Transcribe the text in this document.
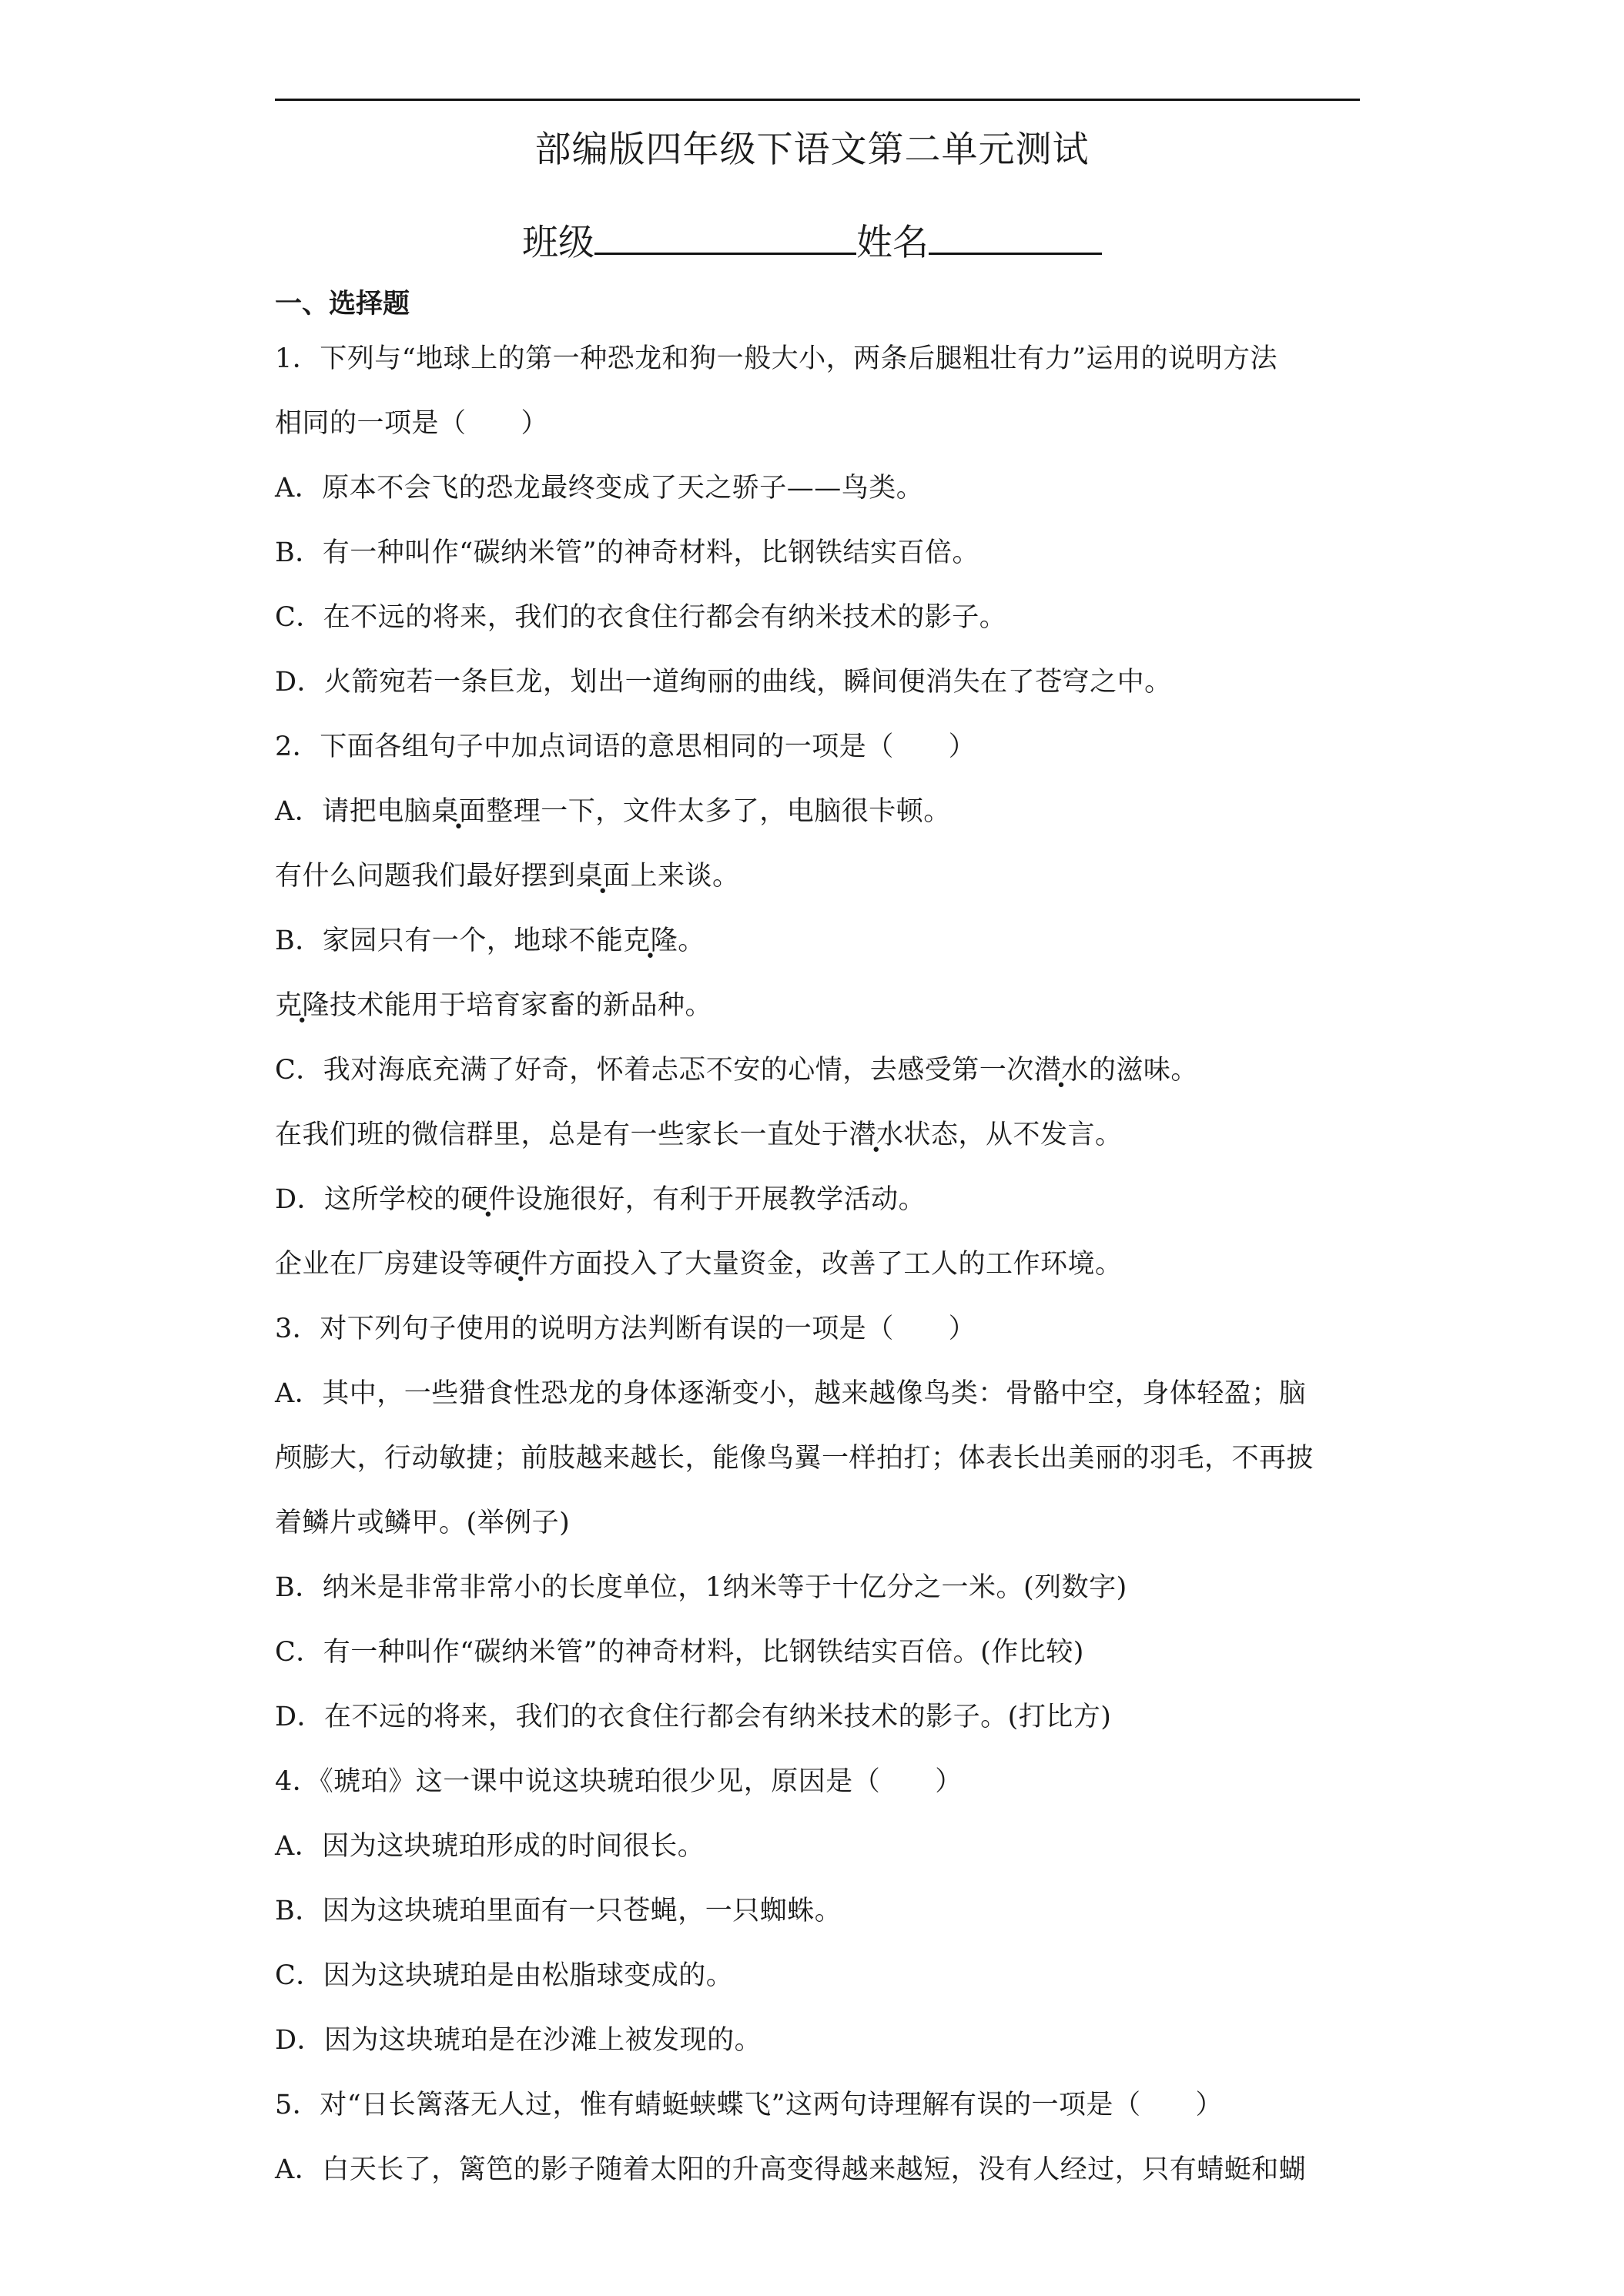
部编版四年级下语文第二单元测试
班级	姓名
一、选择题
1．下列与“地球上的第一种恐龙和狗一般大小，两条后腿粗壮有力”运用的说明方法
相同的一项是（　　）
A．原本不会飞的恐龙最终变成了天之骄子——鸟类。
B．有一种叫作“碳纳米管”的神奇材料，比钢铁结实百倍。
C．在不远的将来，我们的衣食住行都会有纳米技术的影子。
D．火箭宛若一条巨龙，划出一道绚丽的曲线，瞬间便消失在了苍穹之中。
2．下面各组句子中加点词语的意思相同的一项是（　　）
A．请把电脑桌面整理一下，文件太多了，电脑很卡顿。
有什么问题我们最好摆到桌面上来谈。
B．家园只有一个，地球不能克隆。
克隆技术能用于培育家畜的新品种。
C．我对海底充满了好奇，怀着忐忑不安的心情，去感受第一次潜水的滋味。
在我们班的微信群里，总是有一些家长一直处于潜水状态，从不发言。
D．这所学校的硬件设施很好，有利于开展教学活动。
企业在厂房建设等硬件方面投入了大量资金，改善了工人的工作环境。
3．对下列句子使用的说明方法判断有误的一项是（　　）
A．其中，一些猎食性恐龙的身体逐渐变小，越来越像鸟类：骨骼中空，身体轻盈；脑
颅膨大，行动敏捷；前肢越来越长，能像鸟翼一样拍打；体表长出美丽的羽毛，不再披
着鳞片或鳞甲。(举例子)
B．纳米是非常非常小的长度单位，1纳米等于十亿分之一米。(列数字)
C．有一种叫作“碳纳米管”的神奇材料，比钢铁结实百倍。(作比较)
D．在不远的将来，我们的衣食住行都会有纳米技术的影子。(打比方)
4．《琥珀》这一课中说这块琥珀很少见，原因是（　　）
A．因为这块琥珀形成的时间很长。
B．因为这块琥珀里面有一只苍蝇，一只蜘蛛。
C．因为这块琥珀是由松脂球变成的。
D．因为这块琥珀是在沙滩上被发现的。
5．对“日长篱落无人过，惟有蜻蜓蛱蝶飞”这两句诗理解有误的一项是（　　）
A．白天长了，篱笆的影子随着太阳的升高变得越来越短，没有人经过，只有蜻蜓和蝴
